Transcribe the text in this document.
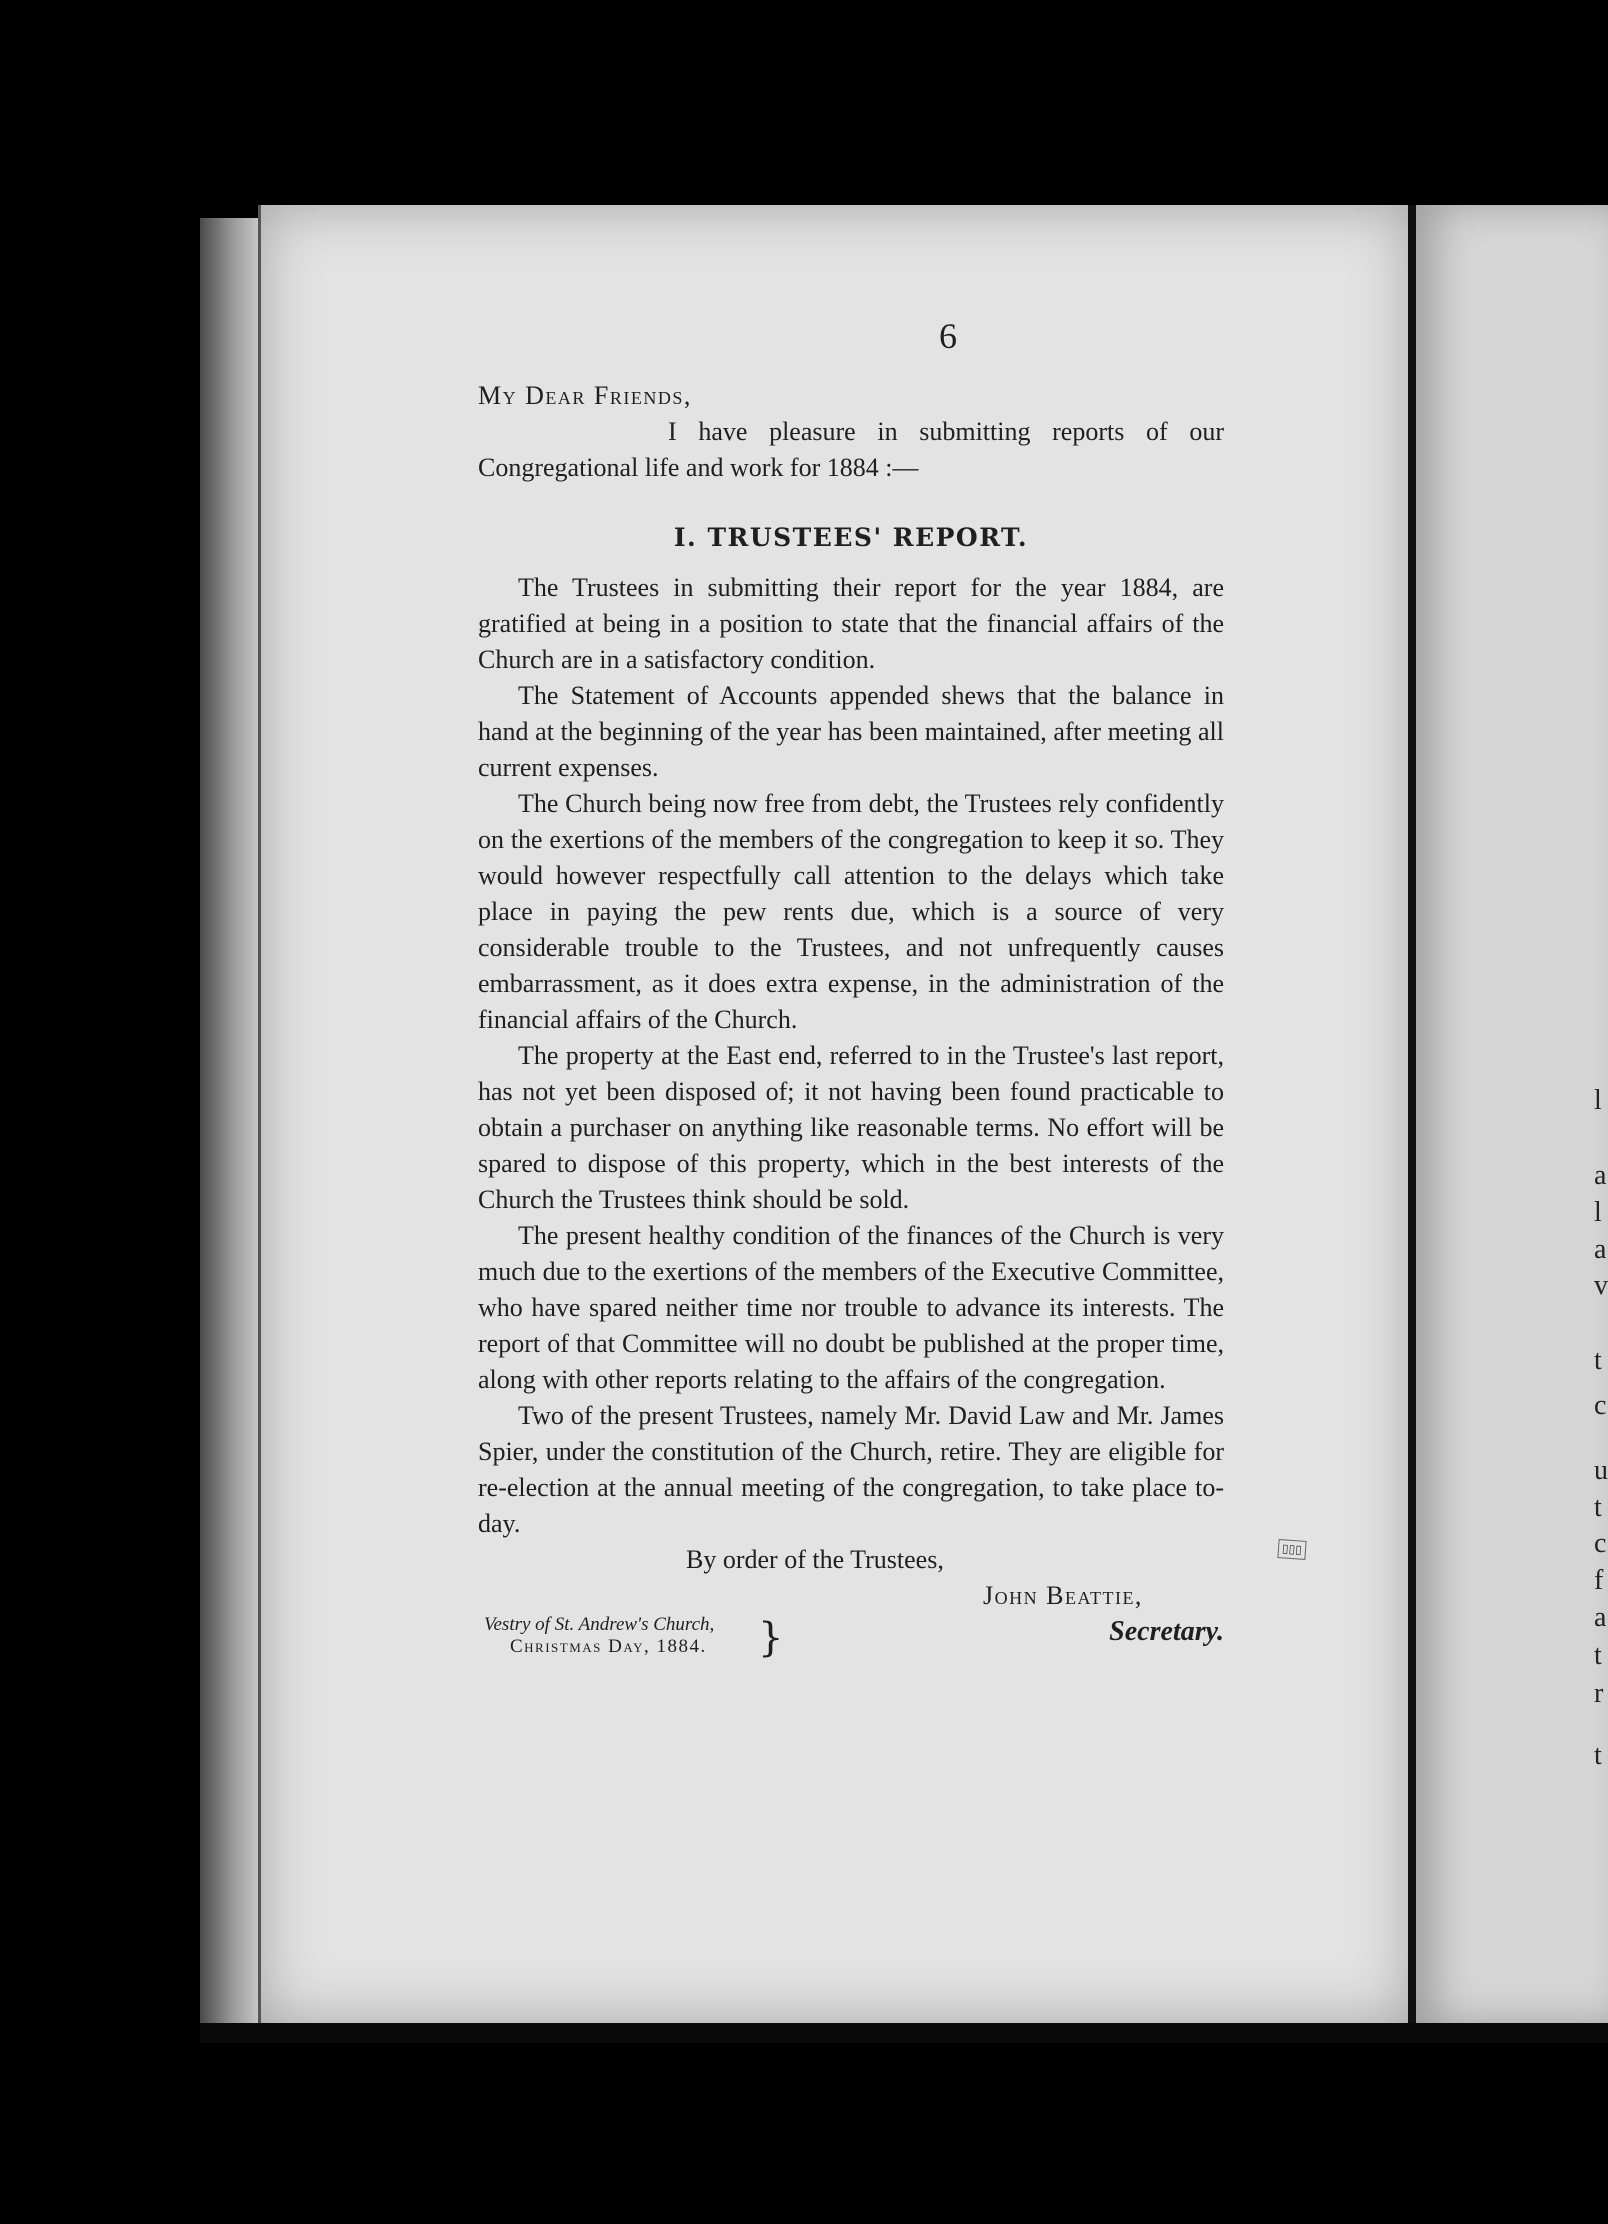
l
a
l
a
v
t
c
u
t
c
f
a
t
r
t
▯▯▯
6

My Dear Friends,

I have pleasure in submitting reports of our Congregational life and work for 1884 :—

I. TRUSTEES' REPORT.

The Trustees in submitting their report for the year 1884, are gratified at being in a position to state that the financial affairs of the Church are in a satisfactory condition.

The Statement of Accounts appended shews that the balance in hand at the beginning of the year has been maintained, after meeting all current expenses.

The Church being now free from debt, the Trustees rely confidently on the exertions of the members of the congregation to keep it so. They would however respectfully call attention to the delays which take place in paying the pew rents due, which is a source of very considerable trouble to the Trustees, and not unfrequently causes embarrassment, as it does extra expense, in the administration of the financial affairs of the Church.

The property at the East end, referred to in the Trustee's last report, has not yet been disposed of; it not having been found practicable to obtain a purchaser on anything like reasonable terms. No effort will be spared to dispose of this property, which in the best interests of the Church the Trustees think should be sold.

The present healthy condition of the finances of the Church is very much due to the exertions of the members of the Executive Committee, who have spared neither time nor trouble to advance its interests. The report of that Committee will no doubt be published at the proper time, along with other reports relating to the affairs of the congregation.

Two of the present Trustees, namely Mr. David Law and Mr. James Spier, under the constitution of the Church, retire. They are eligible for re-election at the annual meeting of the congregation, to take place to-day.

By order of the Trustees,

John Beattie,

Vestry of St. Andrew's Church,
Christmas Day, 1884. }	Secretary.
